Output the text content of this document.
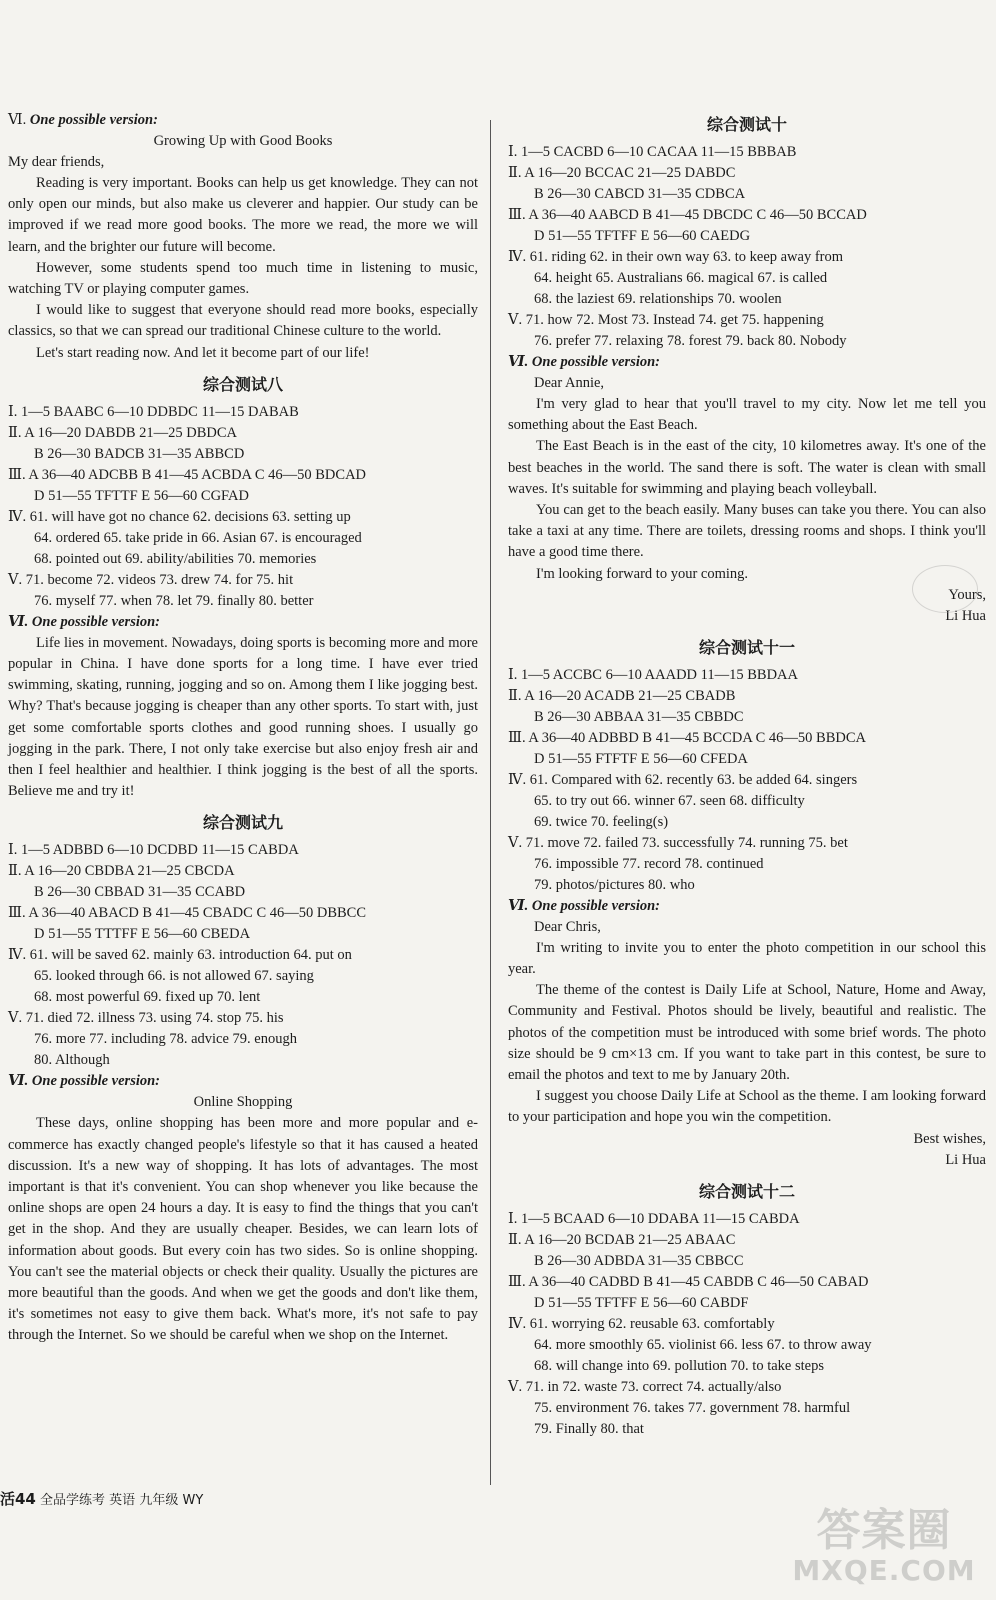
Ⅵ. One possible version:
Growing Up with Good Books
My dear friends,

Reading is very important. Books can help us get knowledge. They can not only open our minds, but also make us cleverer and happier. Our study can be improved if we read more good books. The more we read, the more we will learn, and the brighter our future will become.

However, some students spend too much time in listening to music, watching TV or playing computer games.

I would like to suggest that everyone should read more books, especially classics, so that we can spread our traditional Chinese culture to the world.

Let's start reading now. And let it become part of our life!

综合测试八
Ⅰ. 1—5 BAABC 6—10 DDBDC 11—15 DABAB
Ⅱ. A 16—20 DABDB 21—25 DBDCA
B 26—30 BADCB 31—35 ABBCD
Ⅲ. A 36—40 ADCBB B 41—45 ACBDA C 46—50 BDCAD
D 51—55 TFTTF E 56—60 CGFAD
Ⅳ. 61. will have got no chance 62. decisions 63. setting up
64. ordered 65. take pride in 66. Asian 67. is encouraged
68. pointed out 69. ability/abilities 70. memories
Ⅴ. 71. become 72. videos 73. drew 74. for 75. hit
76. myself 77. when 78. let 79. finally 80. better
Ⅵ. One possible version:

Life lies in movement. Nowadays, doing sports is becoming more and more popular in China. I have done sports for a long time. I have ever tried swimming, skating, running, jogging and so on. Among them I like jogging best. Why? That's because jogging is cheaper than any other sports. To start with, just get some comfortable sports clothes and good running shoes. I usually go jogging in the park. There, I not only take exercise but also enjoy fresh air and then I feel healthier and healthier. I think jogging is the best of all the sports. Believe me and try it!

综合测试九
Ⅰ. 1—5 ADBBD 6—10 DCDBD 11—15 CABDA
Ⅱ. A 16—20 CBDBA 21—25 CBCDA
B 26—30 CBBAD 31—35 CCABD
Ⅲ. A 36—40 ABACD B 41—45 CBADC C 46—50 DBBCC
D 51—55 TTTFF E 56—60 CBEDA
Ⅳ. 61. will be saved 62. mainly 63. introduction 64. put on
65. looked through 66. is not allowed 67. saying
68. most powerful 69. fixed up 70. lent
Ⅴ. 71. died 72. illness 73. using 74. stop 75. his
76. more 77. including 78. advice 79. enough
80. Although
Ⅵ. One possible version:
Online Shopping

These days, online shopping has been more and more popular and e-commerce has exactly changed people's lifestyle so that it has caused a heated discussion. It's a new way of shopping. It has lots of advantages. The most important is that it's convenient. You can shop whenever you like because the online shops are open 24 hours a day. It is easy to find the things that you can't get in the shop. And they are usually cheaper. Besides, we can learn lots of information about goods. But every coin has two sides. So is online shopping. You can't see the material objects or check their quality. Usually the pictures are more beautiful than the goods. And when we get the goods and don't like them, it's sometimes not easy to give them back. What's more, it's not safe to pay through the Internet. So we should be careful when we shop on the Internet.

综合测试十
Ⅰ. 1—5 CACBD 6—10 CACAA 11—15 BBBAB
Ⅱ. A 16—20 BCCAC 21—25 DABDC
B 26—30 CABCD 31—35 CDBCA
Ⅲ. A 36—40 AABCD B 41—45 DBCDC C 46—50 BCCAD
D 51—55 TFTFF E 56—60 CAEDG
Ⅳ. 61. riding 62. in their own way 63. to keep away from
64. height 65. Australians 66. magical 67. is called
68. the laziest 69. relationships 70. woolen
Ⅴ. 71. how 72. Most 73. Instead 74. get 75. happening
76. prefer 77. relaxing 78. forest 79. back 80. Nobody
Ⅵ. One possible version:
Dear Annie,

I'm very glad to hear that you'll travel to my city. Now let me tell you something about the East Beach.

The East Beach is in the east of the city, 10 kilometres away. It's one of the best beaches in the world. The sand there is soft. The water is clean with small waves. It's suitable for swimming and playing beach volleyball.

You can get to the beach easily. Many buses can take you there. You can also take a taxi at any time. There are toilets, dressing rooms and shops. I think you'll have a good time there.

I'm looking forward to your coming.

Yours,
Li Hua
综合测试十一
Ⅰ. 1—5 ACCBC 6—10 AAADD 11—15 BBDAA
Ⅱ. A 16—20 ACADB 21—25 CBADB
B 26—30 ABBAA 31—35 CBBDC
Ⅲ. A 36—40 ADBBD B 41—45 BCCDA C 46—50 BBDCA
D 51—55 FTFTF E 56—60 CFEDA
Ⅳ. 61. Compared with 62. recently 63. be added 64. singers
65. to try out 66. winner 67. seen 68. difficulty
69. twice 70. feeling(s)
Ⅴ. 71. move 72. failed 73. successfully 74. running 75. bet
76. impossible 77. record 78. continued
79. photos/pictures 80. who
Ⅵ. One possible version:
Dear Chris,

I'm writing to invite you to enter the photo competition in our school this year.

The theme of the contest is Daily Life at School, Nature, Home and Away, Community and Festival. Photos should be lively, beautiful and realistic. The photos of the competition must be introduced with some brief words. The photo size should be 9 cm×13 cm. If you want to take part in this contest, be sure to email the photos and text to me by January 20th.

I suggest you choose Daily Life at School as the theme. I am looking forward to your participation and hope you win the competition.

Best wishes,
Li Hua
综合测试十二
Ⅰ. 1—5 BCAAD 6—10 DDABA 11—15 CABDA
Ⅱ. A 16—20 BCDAB 21—25 ABAAC
B 26—30 ADBDA 31—35 CBBCC
Ⅲ. A 36—40 CADBD B 41—45 CABDB C 46—50 CABAD
D 51—55 TFTFF E 56—60 CABDF
Ⅳ. 61. worrying 62. reusable 63. comfortably
64. more smoothly 65. violinist 66. less 67. to throw away
68. will change into 69. pollution 70. to take steps
Ⅴ. 71. in 72. waste 73. correct 74. actually/also
75. environment 76. takes 77. government 78. harmful
79. Finally 80. that
活44 全品学练考 英语 九年级 WY
答案圈
MXQE.COM
